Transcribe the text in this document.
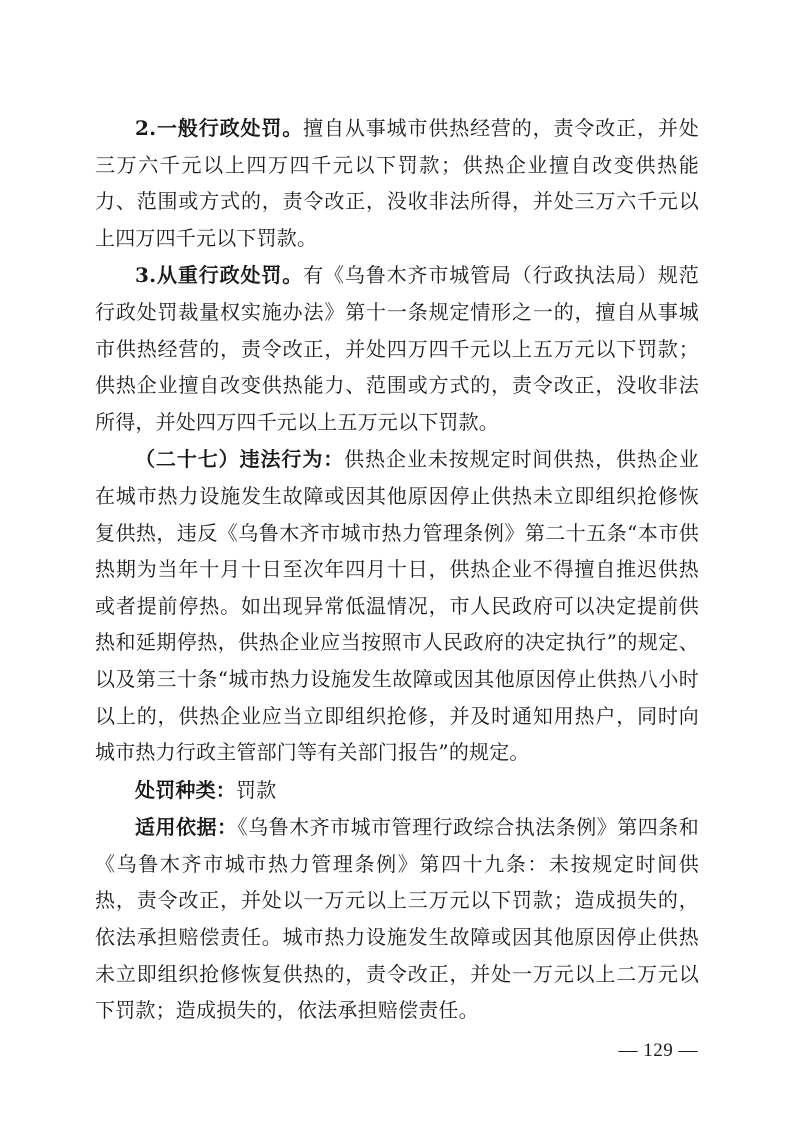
2.一般行政处罚。擅自从事城市供热经营的，责令改正，并处三万六千元以上四万四千元以下罚款；供热企业擅自改变供热能力、范围或方式的，责令改正，没收非法所得，并处三万六千元以上四万四千元以下罚款。

3.从重行政处罚。有《乌鲁木齐市城管局（行政执法局）规范行政处罚裁量权实施办法》第十一条规定情形之一的，擅自从事城市供热经营的，责令改正，并处四万四千元以上五万元以下罚款；供热企业擅自改变供热能力、范围或方式的，责令改正，没收非法所得，并处四万四千元以上五万元以下罚款。

（二十七）违法行为：供热企业未按规定时间供热，供热企业在城市热力设施发生故障或因其他原因停止供热未立即组织抢修恢复供热，违反《乌鲁木齐市城市热力管理条例》第二十五条“本市供热期为当年十月十日至次年四月十日，供热企业不得擅自推迟供热或者提前停热。如出现异常低温情况，市人民政府可以决定提前供热和延期停热，供热企业应当按照市人民政府的决定执行”的规定、以及第三十条“城市热力设施发生故障或因其他原因停止供热八小时以上的，供热企业应当立即组织抢修，并及时通知用热户，同时向城市热力行政主管部门等有关部门报告”的规定。

处罚种类：罚款

适用依据：《乌鲁木齐市城市管理行政综合执法条例》第四条和《乌鲁木齐市城市热力管理条例》第四十九条：未按规定时间供热，责令改正，并处以一万元以上三万元以下罚款；造成损失的，依法承担赔偿责任。城市热力设施发生故障或因其他原因停止供热未立即组织抢修恢复供热的，责令改正，并处一万元以上二万元以下罚款；造成损失的，依法承担赔偿责任。

— 129 —
